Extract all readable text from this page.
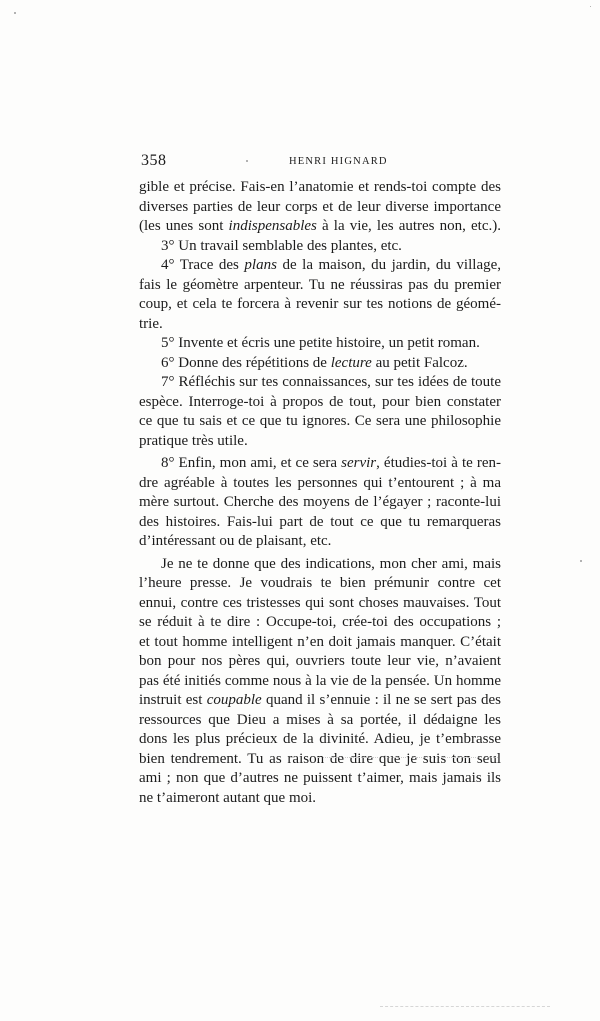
358	HENRI HIGNARD

gible et précise. Fais-en l’anatomie et rends-toi compte des
diverses parties de leur corps et de leur diverse importance
(les unes sont indispensables à la vie, les autres non, etc.).

3° Un travail semblable des plantes, etc.

4° Trace des plans de la maison, du jardin, du village,
fais le géomètre arpenteur. Tu ne réussiras pas du premier
coup, et cela te forcera à revenir sur tes notions de géomé-
trie.

5° Invente et écris une petite histoire, un petit roman.

6° Donne des répétitions de lecture au petit Falcoz.

7° Réfléchis sur tes connaissances, sur tes idées de toute
espèce. Interroge-toi à propos de tout, pour bien constater
ce que tu sais et ce que tu ignores. Ce sera une philosophie
pratique très utile.

8° Enfin, mon ami, et ce sera servir, étudies-toi à te ren-
dre agréable à toutes les personnes qui t’entourent ; à ma
mère surtout. Cherche des moyens de l’égayer ; raconte-lui
des histoires. Fais-lui part de tout ce que tu remarqueras
d’intéressant ou de plaisant, etc.

Je ne te donne que des indications, mon cher ami, mais
l’heure presse. Je voudrais te bien prémunir contre cet
ennui, contre ces tristesses qui sont choses mauvaises. Tout
se réduit à te dire : Occupe-toi, crée-toi des occupations ;
et tout homme intelligent n’en doit jamais manquer. C’était
bon pour nos pères qui, ouvriers toute leur vie, n’avaient
pas été initiés comme nous à la vie de la pensée. Un homme
instruit est coupable quand il s’ennuie : il ne se sert pas des
ressources que Dieu a mises à sa portée, il dédaigne les
dons les plus précieux de la divinité. Adieu, je t’embrasse
bien tendrement. Tu as raison de dire que je suis ton seul
ami ; non que d’autres ne puissent t’aimer, mais jamais ils
ne t’aimeront autant que moi.
